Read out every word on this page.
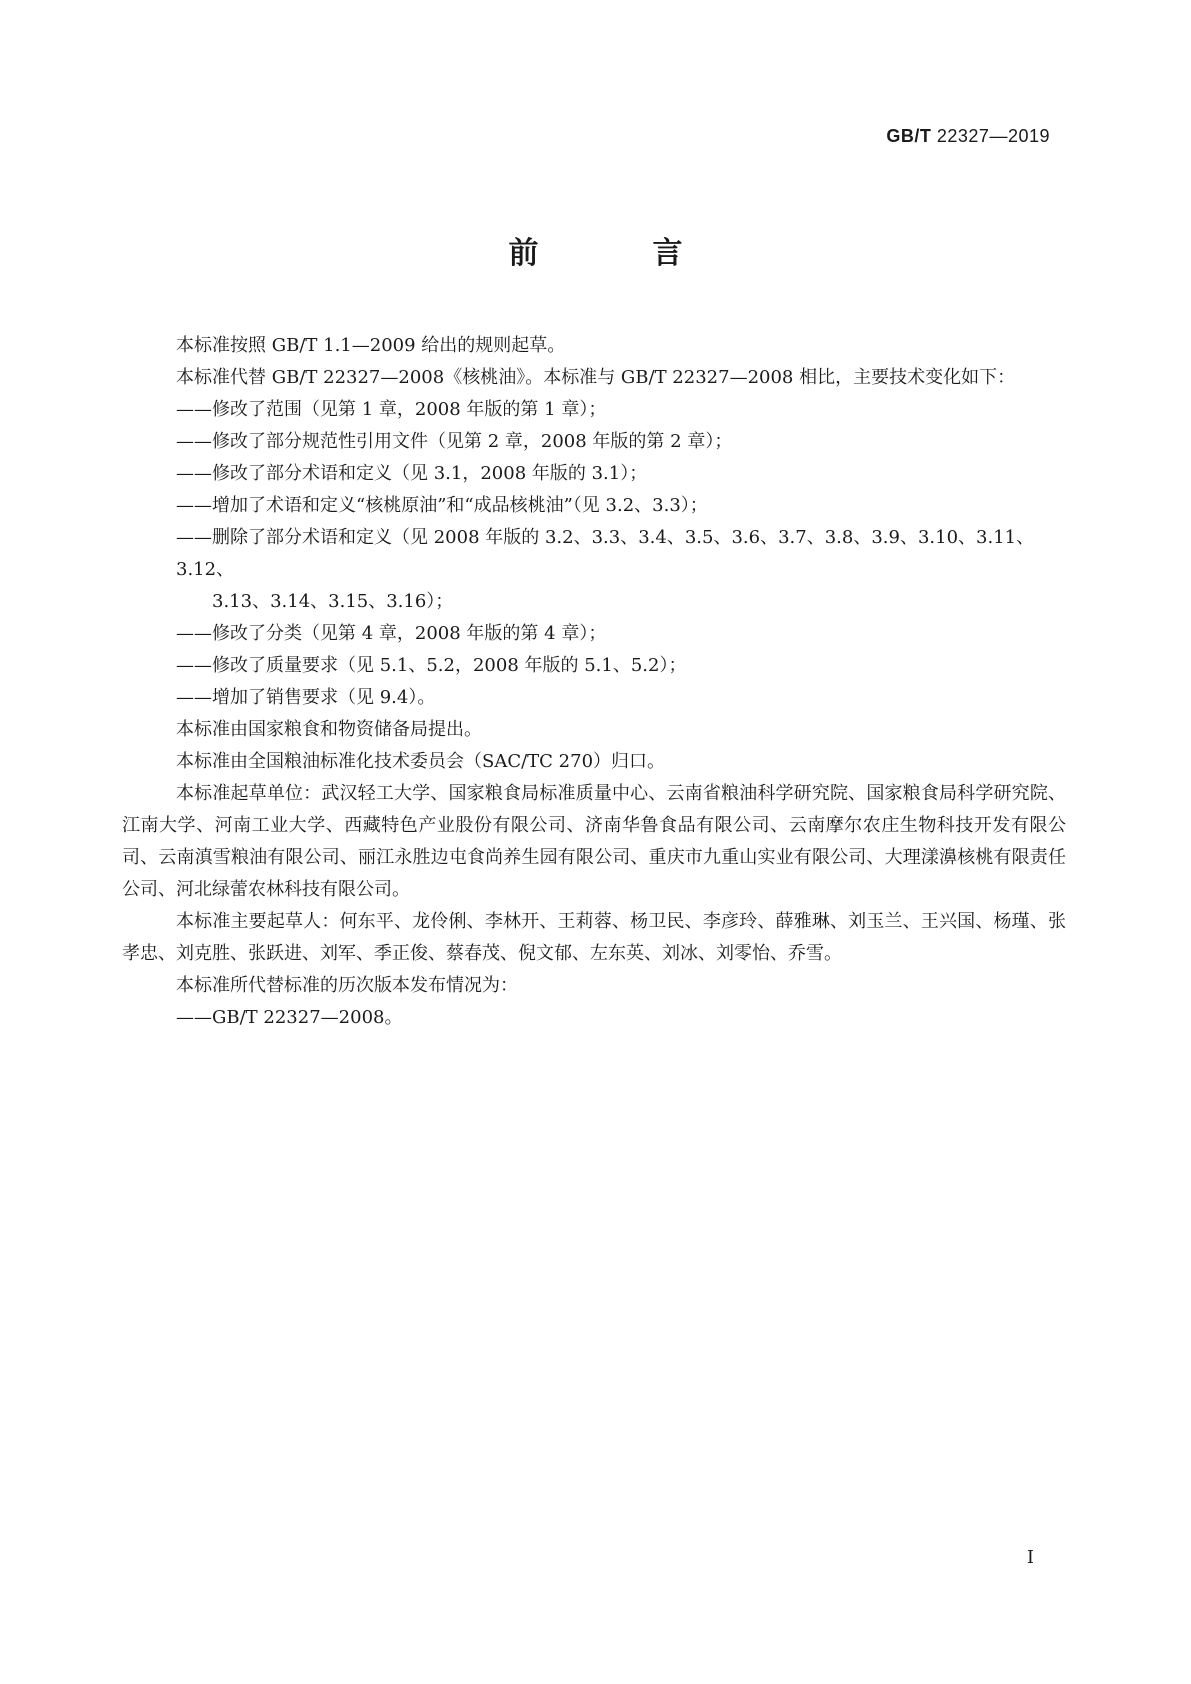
GB/T 22327—2019
前　言

本标准按照 GB/T 1.1—2009 给出的规则起草。

本标准代替 GB/T 22327—2008《核桃油》。本标准与 GB/T 22327—2008 相比，主要技术变化如下：

——修改了范围（见第 1 章，2008 年版的第 1 章）；

——修改了部分规范性引用文件（见第 2 章，2008 年版的第 2 章）；

——修改了部分术语和定义（见 3.1，2008 年版的 3.1）；

——增加了术语和定义“核桃原油”和“成品核桃油”（见 3.2、3.3）；

——删除了部分术语和定义（见 2008 年版的 3.2、3.3、3.4、3.5、3.6、3.7、3.8、3.9、3.10、3.11、3.12、
3.13、3.14、3.15、3.16）；

——修改了分类（见第 4 章，2008 年版的第 4 章）；

——修改了质量要求（见 5.1、5.2，2008 年版的 5.1、5.2）；

——增加了销售要求（见 9.4）。

本标准由国家粮食和物资储备局提出。

本标准由全国粮油标准化技术委员会（SAC/TC 270）归口。

本标准起草单位：武汉轻工大学、国家粮食局标准质量中心、云南省粮油科学研究院、国家粮食局科学研究院、江南大学、河南工业大学、西藏特色产业股份有限公司、济南华鲁食品有限公司、云南摩尔农庄生物科技开发有限公司、云南滇雪粮油有限公司、丽江永胜边屯食尚养生园有限公司、重庆市九重山实业有限公司、大理漾濞核桃有限责任公司、河北绿蕾农林科技有限公司。

本标准主要起草人：何东平、龙伶俐、李林开、王莉蓉、杨卫民、李彦玲、薛雅琳、刘玉兰、王兴国、杨瑾、张孝忠、刘克胜、张跃进、刘军、季正俊、蔡春茂、倪文郁、左东英、刘冰、刘零怡、乔雪。

本标准所代替标准的历次版本发布情况为：

——GB/T 22327—2008。

I
